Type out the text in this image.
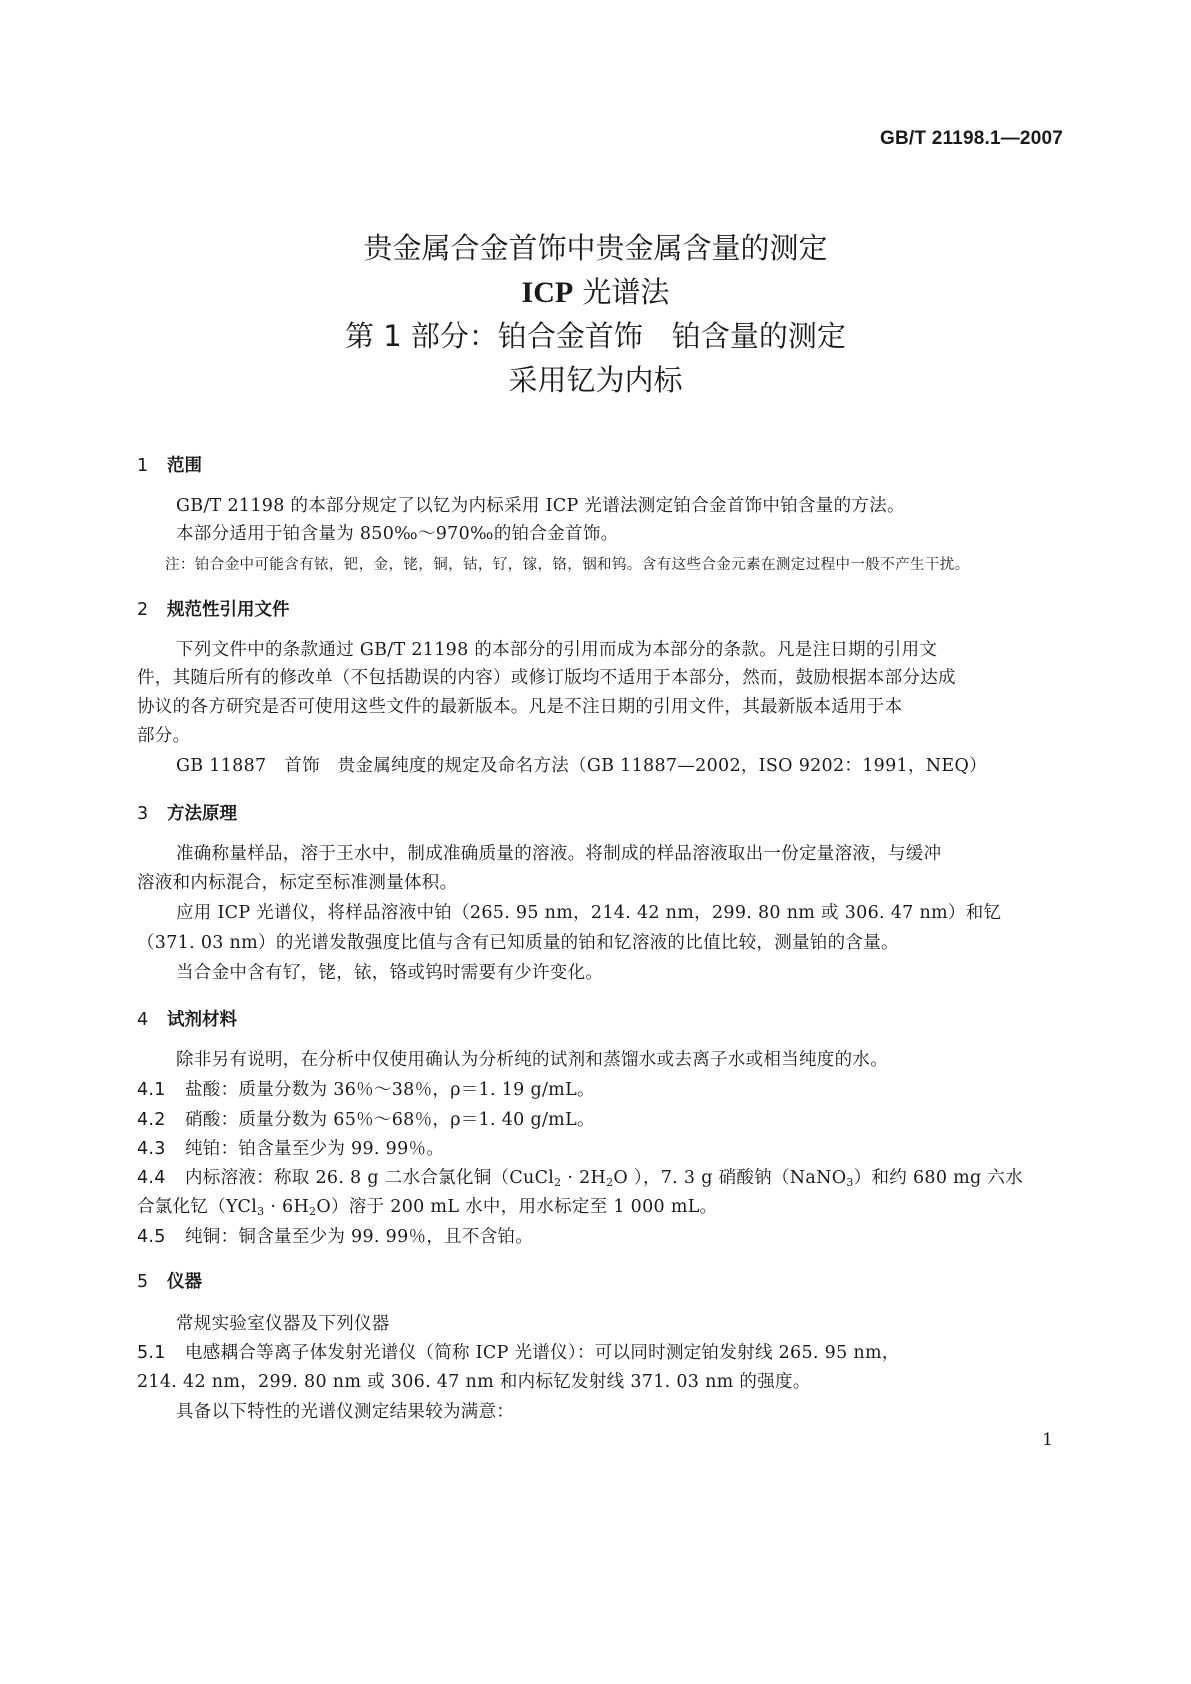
GB/T 21198.1—2007
贵金属合金首饰中贵金属含量的测定
ICP 光谱法
第 1 部分：铂合金首饰　铂含量的测定
采用钇为内标
1 范围
GB/T 21198 的本部分规定了以钇为内标采用 ICP 光谱法测定铂合金首饰中铂含量的方法。
本部分适用于铂含量为 850‰～970‰的铂合金首饰。
注：铂合金中可能含有铱，钯，金，铑，铜，钴，钌，镓，铬，铟和钨。含有这些合金元素在测定过程中一般不产生干扰。
2 规范性引用文件
下列文件中的条款通过 GB/T 21198 的本部分的引用而成为本部分的条款。凡是注日期的引用文
件，其随后所有的修改单（不包括勘误的内容）或修订版均不适用于本部分，然而，鼓励根据本部分达成
协议的各方研究是否可使用这些文件的最新版本。凡是不注日期的引用文件，其最新版本适用于本
部分。
GB 11887　首饰　贵金属纯度的规定及命名方法（GB 11887—2002，ISO 9202：1991，NEQ）
3 方法原理
准确称量样品，溶于王水中，制成准确质量的溶液。将制成的样品溶液取出一份定量溶液，与缓冲
溶液和内标混合，标定至标准测量体积。
应用 ICP 光谱仪，将样品溶液中铂（265. 95 nm，214. 42 nm，299. 80 nm 或 306. 47 nm）和钇
（371. 03 nm）的光谱发散强度比值与含有已知质量的铂和钇溶液的比值比较，测量铂的含量。
当合金中含有钌，铑，铱，铬或钨时需要有少许变化。
4 试剂材料
除非另有说明，在分析中仅使用确认为分析纯的试剂和蒸馏水或去离子水或相当纯度的水。
4.1 盐酸：质量分数为 36％～38％，ρ＝1. 19 g/mL。
4.2 硝酸：质量分数为 65％～68％，ρ＝1. 40 g/mL。
4.3 纯铂：铂含量至少为 99. 99％。
4.4 内标溶液：称取 26. 8 g 二水合氯化铜（CuCl$_2$ · $2H_2O$ ），7. 3 g 硝酸钠（NaNO$_3$）和约 680 mg 六水
合氯化钇$(YCl_3 \cdot 6H_2O)$溶于 200 mL 水中，用水标定至 1 000 mL。
4.5 纯铜：铜含量至少为 99. 99％，且不含铂。
5 仪器
常规实验室仪器及下列仪器
5.1 电感耦合等离子体发射光谱仪（简称 ICP 光谱仪）：可以同时测定铂发射线 265. 95 nm，
214. 42 nm，299. 80 nm 或 306. 47 nm 和内标钇发射线 371. 03 nm 的强度。
具备以下特性的光谱仪测定结果较为满意：
1
